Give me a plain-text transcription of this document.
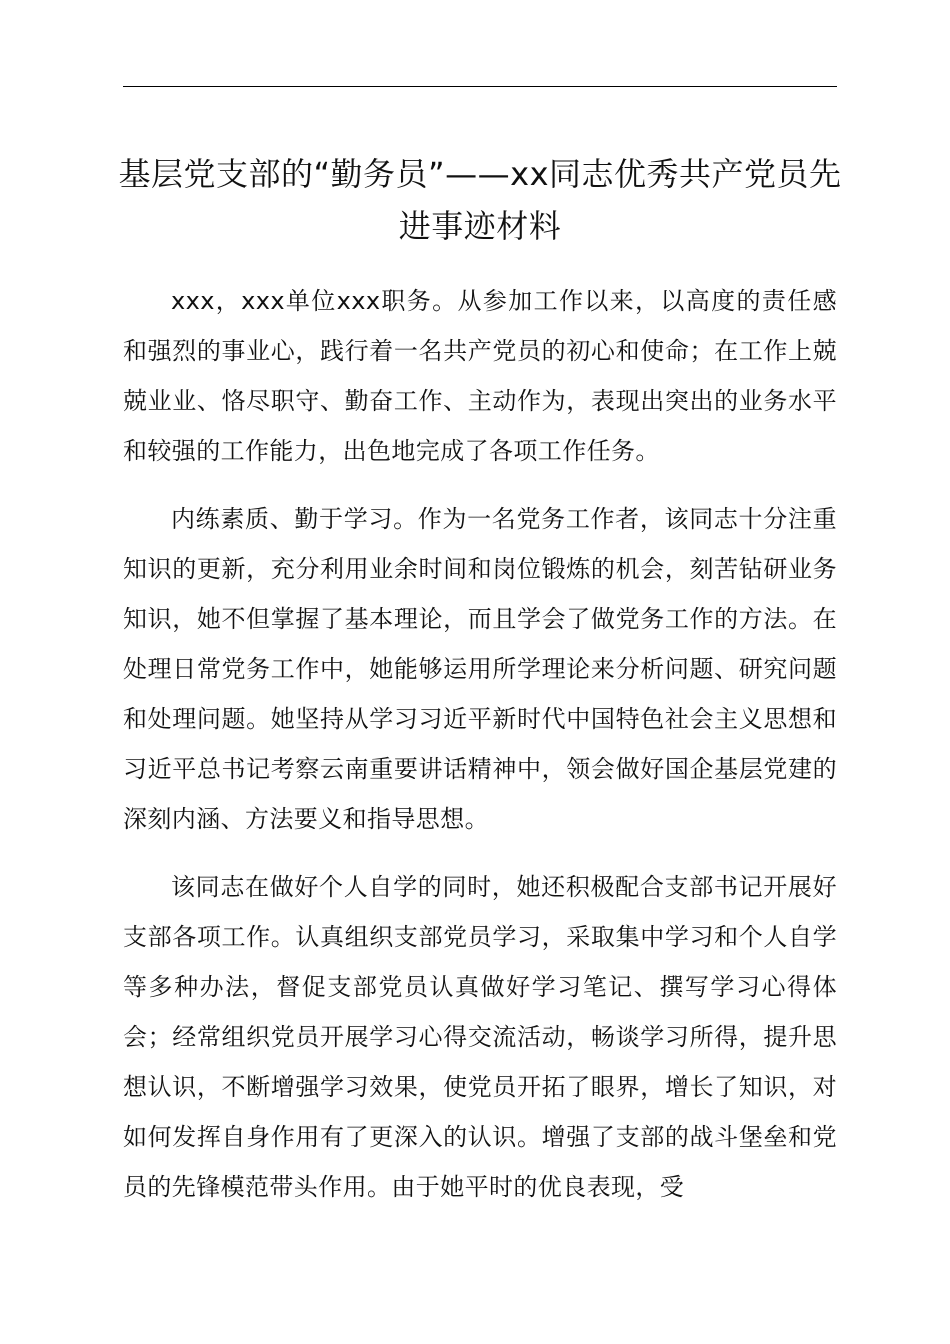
基层党支部的“勤务员”——xx同志优秀共产党员先进事迹材料

xxx，xxx单位xxx职务。从参加工作以来，以高度的责任感和强烈的事业心，践行着一名共产党员的初心和使命；在工作上兢兢业业、恪尽职守、勤奋工作、主动作为，表现出突出的业务水平和较强的工作能力，出色地完成了各项工作任务。

内练素质、勤于学习。作为一名党务工作者，该同志十分注重知识的更新，充分利用业余时间和岗位锻炼的机会，刻苦钻研业务知识，她不但掌握了基本理论，而且学会了做党务工作的方法。在处理日常党务工作中，她能够运用所学理论来分析问题、研究问题和处理问题。她坚持从学习习近平新时代中国特色社会主义思想和习近平总书记考察云南重要讲话精神中，领会做好国企基层党建的深刻内涵、方法要义和指导思想。

该同志在做好个人自学的同时，她还积极配合支部书记开展好支部各项工作。认真组织支部党员学习，采取集中学习和个人自学等多种办法，督促支部党员认真做好学习笔记、撰写学习心得体会；经常组织党员开展学习心得交流活动，畅谈学习所得，提升思想认识，不断增强学习效果，使党员开拓了眼界，增长了知识，对如何发挥自身作用有了更深入的认识。增强了支部的战斗堡垒和党员的先锋模范带头作用。由于她平时的优良表现，受
